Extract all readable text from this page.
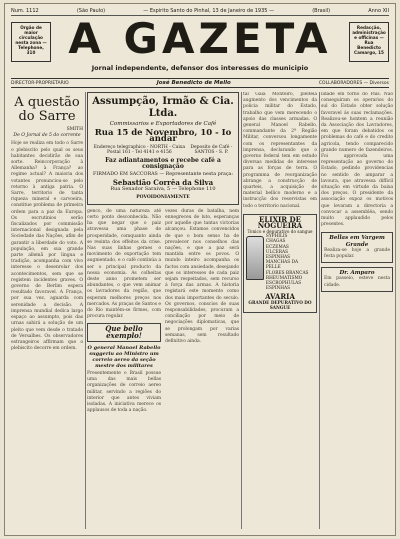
Num. 1112	(São Paulo)	— Espirito Santo do Pinhal, 13 de Janeiro de 1935 —	(Brasil)	Anno XII
Orgão de maior circulação nesta zona — Telephone, 310
Redacção, administração e officinas — Rua Benedicto Camargo, 15
A GAZETA
Jornal independente, defensor dos interesses do municipio
DIRECTOR-PROPRIETARIO	José Benedicto de Mello	COLLABORADORES — Diversos
A questão do Sarre
SMITH
De O Jornal de 5 do corrente
Hoje se realiza em todo o Sarre o plebiscito pelo qual os seus habitantes decidirão de sua sorte. Reincorporação à Allemanha? à França? ao regime actual? A maioria dos votantes pronunciou-se pelo retorno à antiga patria. O Sarre, territorio de tanta riqueza mineral e carvoeira, constitue problema de primeira ordem para a paz da Europa. Os escrutinios serão fiscalizados por commissão internacional designada pela Sociedade das Nações, afim de garantir a liberdade do voto. A população, em sua grande parte allemã por lingua e tradição, acompanha com vivo interesse o desenrolar dos acontecimentos, sem que se registem incidentes graves. O governo de Berlim espera resultado favoravel. A França, por sua vez, aguarda com serenidade a decisão. A imprensa mundial dedica largo espaço ao assumpto, pois das urnas sahirá a solução de um pleito que vem desde o tratado de Versalhes. Os observadores estrangeiros affirmam que o plebiscito decorre em ordem.
Assumpção, Irmão & Cia. Ltda.
Commissarios e Exportadores de Café
Rua 15 de Novembro, 10 - Io andar
Endereço telegraphico - NORTH - Caixa Postal 161 - Tel 4141 e 4156
Deposito de Café - SANTOS - S. P.
Faz adiantamentos e recebe café a consignação
FIRMADO EM SACCORAS — Representante nesta praça:
Sebastião Corrêa da Silva
Rua Senador Saraiva, 5 — Telephone 110
POVOIDONIAMENTE
genco, de uma natureza até certo ponto desconhecida. Não ha que negar que o paiz atravessa uma phase de prosperidade, comquanto ainda se resinta dos effeitos da crise. Nas suas linhas geraes o movimento de exportação tem augmentado, e o café continúa a ser o principal producto da nossa economia. As colheitas deste anno prometem ser abundantes, o que vem animar os lavradores da região, que esperam melhores preços nos mercados. As praças de Santos e do Rio mantêm-se firmes, com procura regular.
Que bello exemplo!
O general Manoel Rabello suggeriu ao Ministro um correio aereo da seção mestre dos militares
Presentemente o Brasil possue uma das mais bellas organizações de correio aereo militar, servindo a regiões do interior que antes viviam isoladas. A iniciativa merece os applausos de toda a nação.
vezes duras de batalha, nem ennegreceu de luto, esperanças por aquelle que tantas victorias alcançou. Estamos convencidos de que o bom senso ha de prevalecer nos conselhos das nações, e que a paz será mantida entre os povos. O mundo inteiro acompanha os factos com ansiedade, desejando que os interesses de cada paiz sejam respeitados, sem recurso á força das armas. A historia registará este momento como dos mais importantes do seculo. Os governos, conscios de suas responsabilidades, procuram a conciliação por meio de negociações diplomaticas, que se prolongam por varias semanas, sem resultado definitivo ainda.
tal Gaia Monteiro, pleiteia augmento dos vencimentos da policia militar do Estado, trabalho que vem merecendo o apoio das classes armadas. O general Manoel Rabello, commandante da 2ª Região Militar, conversou longamente com os representantes da imprensa, declarando que o governo federal tem em estudo diversas medidas de interesse para as forças de terra. O programma de reorganização abrange a construcção de quarteis, a acquisição de material bellico moderno e a instrucção dos reservistas em todo o territorio nacional.
ELIXIR DE NOGUEIRA
Tonico e depurativo do sangue
SYPHILIS
CHAGAS
ECZEMAS
ULCERAS
ESPINHAS
MANCHAS DA PELLE
FLORES BRANCAS
RHEUMATISMO
ESCROPHULAS
ESPINHAS
AVARIA
GRANDE DEPURATIVO DO SANGUE
lidade em torno do Pais. Não conseguiram os operarios do sul do Estado obter solução favoravel ás suas reclamações. Realizou-se hontem a reunião da Associação dos Lavradores, em que foram debatidos os problemas do café e do credito agricola, tendo comparecido grande numero de fazendeiros. Foi approvada uma representação ao governo do Estado, pedindo providencias no sentido de amparar a lavoura, que atravessa difficil situação em virtude da baixa dos preços. O presidente da associação expoz os motivos que levaram a directoria a convocar a assembléa, sendo muito applaudido pelos presentes.
Bellas em Vargem Grande
Realiza-se hoje a grande festa popular.
Dr. Amparo
Em passeio, esteve nesta cidade.
